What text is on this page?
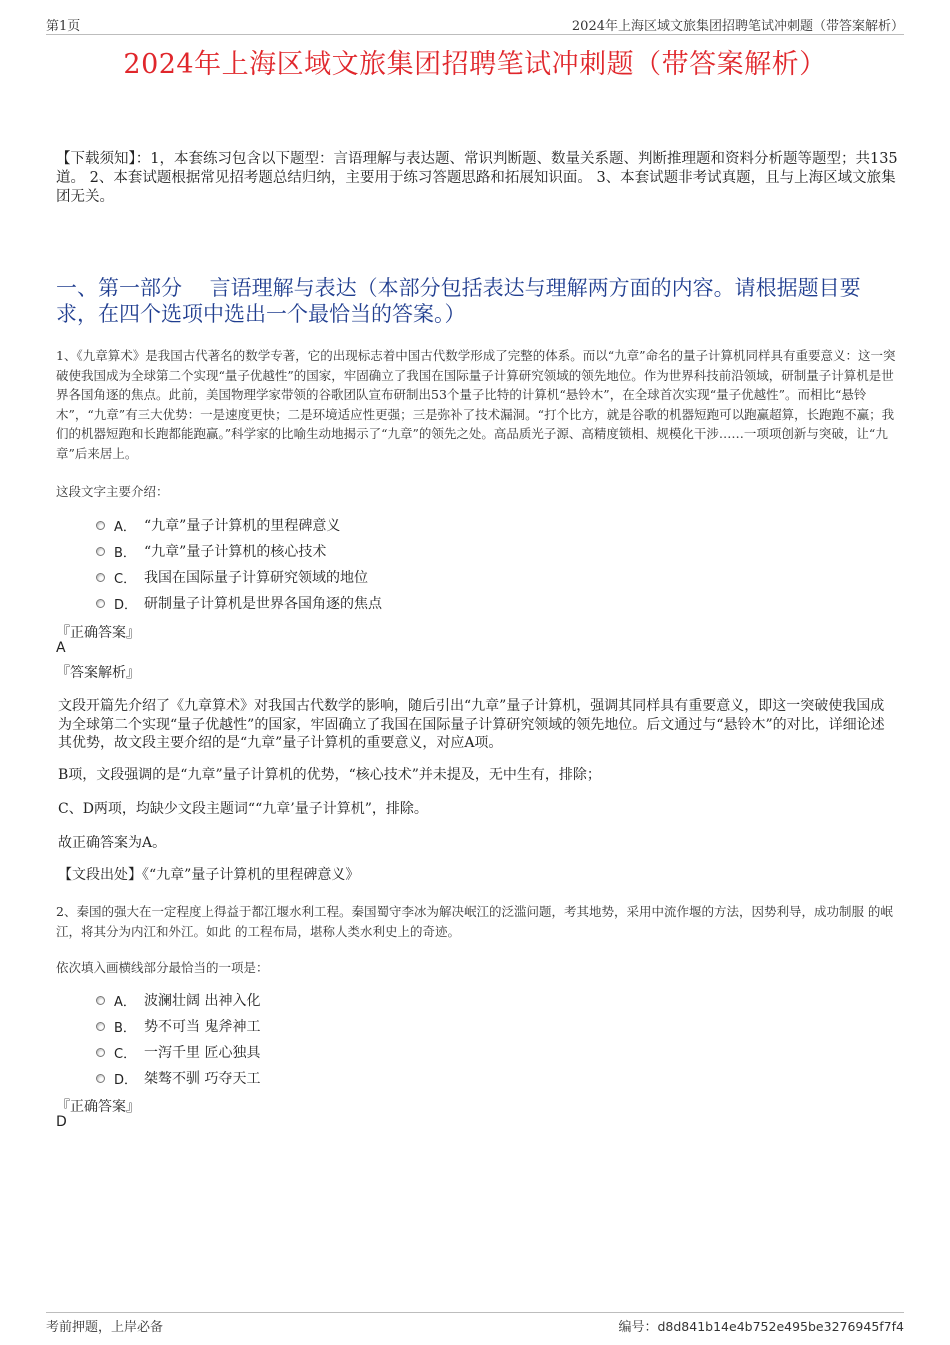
第1页	2024年上海区域文旅集团招聘笔试冲刺题（带答案解析）
2024年上海区域文旅集团招聘笔试冲刺题（带答案解析）
【下载须知】：1，本套练习包含以下题型：言语理解与表达题、常识判断题、数量关系题、判断推理题和资料分析题等题型；共135道。 2、本套试题根据常见招考题总结归纳，主要用于练习答题思路和拓展知识面。 3、本套试题非考试真题，且与上海区域文旅集团无关。
一、第一部分　 言语理解与表达（本部分包括表达与理解两方面的内容。请根据题目要求，在四个选项中选出一个最恰当的答案。）
1、《九章算术》是我国古代著名的数学专著，它的出现标志着中国古代数学形成了完整的体系。而以“九章”命名的量子计算机同样具有重要意义：这一突破使我国成为全球第二个实现“量子优越性”的国家，牢固确立了我国在国际量子计算研究领域的领先地位。作为世界科技前沿领域，研制量子计算机是世界各国角逐的焦点。此前，美国物理学家带领的谷歌团队宣布研制出53个量子比特的计算机“悬铃木”，在全球首次实现“量子优越性”。而相比“悬铃木”，“九章”有三大优势：一是速度更快；二是环境适应性更强；三是弥补了技术漏洞。“打个比方，就是谷歌的机器短跑可以跑赢超算，长跑跑不赢；我们的机器短跑和长跑都能跑赢。”科学家的比喻生动地揭示了“九章”的领先之处。高品质光子源、高精度锁相、规模化干涉……一项项创新与突破，让“九章”后来居上。
这段文字主要介绍：
A． “九章”量子计算机的里程碑意义
B． “九章”量子计算机的核心技术
C． 我国在国际量子计算研究领域的地位
D． 研制量子计算机是世界各国角逐的焦点
『正确答案』
A
『答案解析』
文段开篇先介绍了《九章算术》对我国古代数学的影响，随后引出“九章”量子计算机，强调其同样具有重要意义，即这一突破使我国成为全球第二个实现“量子优越性”的国家，牢固确立了我国在国际量子计算研究领域的领先地位。后文通过与“悬铃木”的对比，详细论述其优势，故文段主要介绍的是“九章”量子计算机的重要意义，对应A项。
B项，文段强调的是“九章”量子计算机的优势，“核心技术”并未提及，无中生有，排除；
C、D两项，均缺少文段主题词““九章’量子计算机”，排除。
故正确答案为A。
【文段出处】《“九章”量子计算机的里程碑意义》
2、秦国的强大在一定程度上得益于都江堰水利工程。秦国蜀守李冰为解决岷江的泛滥问题，考其地势，采用中流作堰的方法，因势利导，成功制服 的岷江，将其分为内江和外江。如此 的工程布局，堪称人类水利史上的奇迹。
依次填入画横线部分最恰当的一项是：
A． 波澜壮阔 出神入化
B． 势不可当 鬼斧神工
C． 一泻千里 匠心独具
D． 桀骜不驯 巧夺天工
『正确答案』
D
考前押题，上岸必备	编号：d8d841b14e4b752e495be3276945f7f4
